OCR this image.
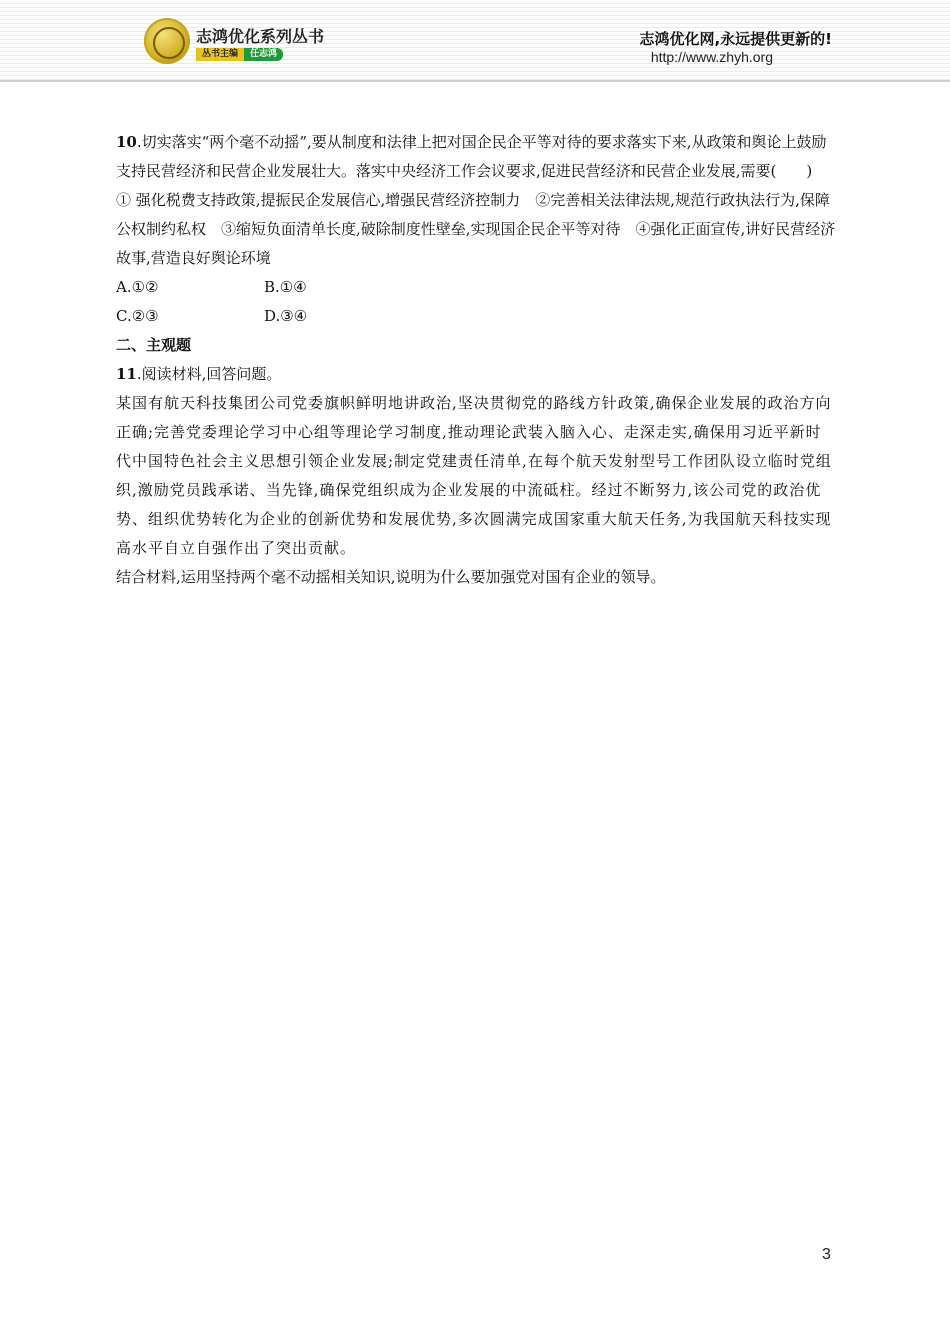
志鸿优化系列丛书
丛书主编	任志鸿
志鸿优化网,永远提供更新的!
http://www.zhyh.org

10.切实落实“两个毫不动摇”,要从制度和法律上把对国企民企平等对待的要求落实下来,从政策和舆论上鼓励支持民营经济和民营企业发展壮大。落实中央经济工作会议要求,促进民营经济和民营企业发展,需要(　　)

① 强化税费支持政策,提振民企发展信心,增强民营经济控制力　②完善相关法律法规,规范行政执法行为,保障公权制约私权　③缩短负面清单长度,破除制度性壁垒,实现国企民企平等对待　④强化正面宣传,讲好民营经济故事,营造良好舆论环境

A.①②	B.①④
C.②③	D.③④

二、主观题

11.阅读材料,回答问题。

某国有航天科技集团公司党委旗帜鲜明地讲政治,坚决贯彻党的路线方针政策,确保企业发展的政治方向正确;完善党委理论学习中心组等理论学习制度,推动理论武装入脑入心、走深走实,确保用习近平新时代中国特色社会主义思想引领企业发展;制定党建责任清单,在每个航天发射型号工作团队设立临时党组织,激励党员践承诺、当先锋,确保党组织成为企业发展的中流砥柱。经过不断努力,该公司党的政治优势、组织优势转化为企业的创新优势和发展优势,多次圆满完成国家重大航天任务,为我国航天科技实现高水平自立自强作出了突出贡献。

结合材料,运用坚持两个毫不动摇相关知识,说明为什么要加强党对国有企业的领导。

3
